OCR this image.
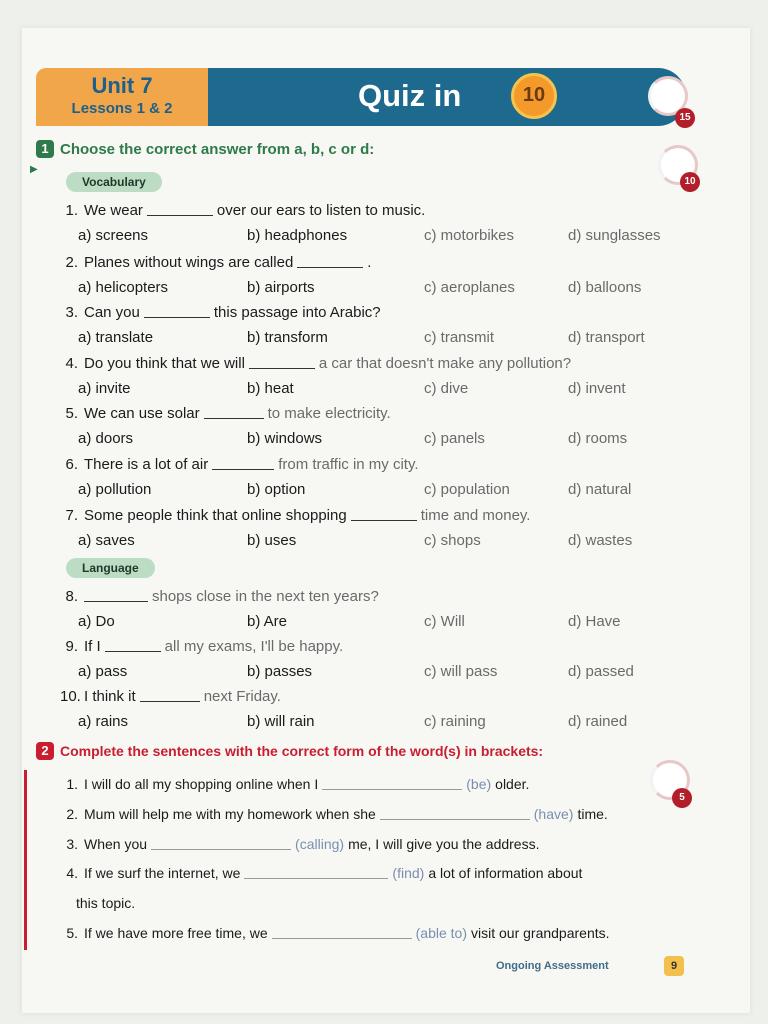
Unit 7
Lessons 1 & 2	Quiz in	10
15
10
1 Choose the correct answer from a, b, c or d:
▶
Vocabulary
1. We wear	over our ears to listen to music.
a) screens	b) headphones	c) motorbikes	d) sunglasses
2. Planes without wings are called	.
a) helicopters	b) airports	c) aeroplanes	d) balloons
3. Can you	this passage into Arabic?
a) translate	b) transform	c) transmit	d) transport
4. Do you think that we will	a car that doesn't make any pollution?
a) invite	b) heat	c) dive	d) invent
5. We can use solar	to make electricity.
a) doors	b) windows	c) panels	d) rooms
6. There is a lot of air	from traffic in my city.
a) pollution	b) option	c) population	d) natural
7. Some people think that online shopping	time and money.
a) saves	b) uses	c) shops	d) wastes
8.	shops close in the next ten years?
a) Do	b) Are	c) Will	d) Have
9. If I	all my exams, I'll be happy.
a) pass	b) passes	c) will pass	d) passed
10. I think it	next Friday.
a) rains	b) will rain	c) raining	d) rained
Language
2 Complete the sentences with the correct form of the word(s) in brackets:
5
1. I will do all my shopping online when I	(be) older.
2. Mum will help me with my homework when she	(have) time.
3. When you	(calling) me, I will give you the address.
4. If we surf the internet, we	(find) a lot of information about
this topic.
5. If we have more free time, we	(able to) visit our grandparents.
Ongoing Assessment	9
